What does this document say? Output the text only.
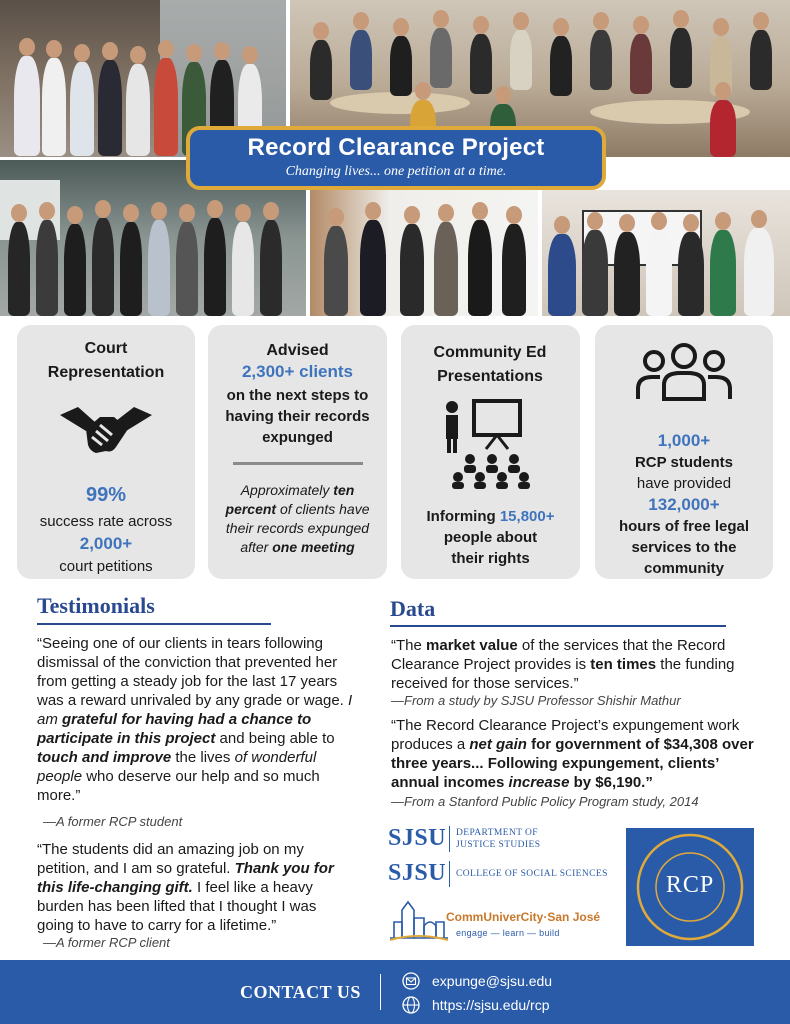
Record Clearance Project

Changing lives... one petition at a time.

Court Representation
99%
success rate across
2,000+
court petitions
Advised
2,300+ clients
on the next steps to having their records expunged
Approximately ten percent of clients have their records expunged after one meeting
Community Ed Presentations
Informing 15,800+
people about their rights
1,000+
RCP students
have provided
132,000+
hours of free legal services to the community
Testimonials
“Seeing one of our clients in tears following dismissal of the conviction that prevented her from getting a steady job for the last 17 years was a reward unrivaled by any grade or wage. I am grateful for having had a chance to participate in this project and being able to touch and improve the lives of wonderful people who deserve our help and so much more.”
—A former RCP student
“The students did an amazing job on my petition, and I am so grateful. Thank you for this life-changing gift. I feel like a heavy burden has been lifted that I thought I was going to have to carry for a lifetime.”
—A former RCP client
Data
“The market value of the services that the Record Clearance Project provides is ten times the funding received for those services.”
—From a study by SJSU Professor Shishir Mathur
“The Record Clearance Project’s expungement work produces a net gain for government of $34,308 over three years... Following expungement, clients’ annual incomes increase by $6,190.”
—From a Stanford Public Policy Program study, 2014
SJSU DEPARTMENT OF
JUSTICE STUDIES
SJSU COLLEGE OF SOCIAL SCIENCES
CommUniverCity·San José
engage — learn — build
RCP
CONTACT US
expunge@sjsu.edu
https://sjsu.edu/rcp
